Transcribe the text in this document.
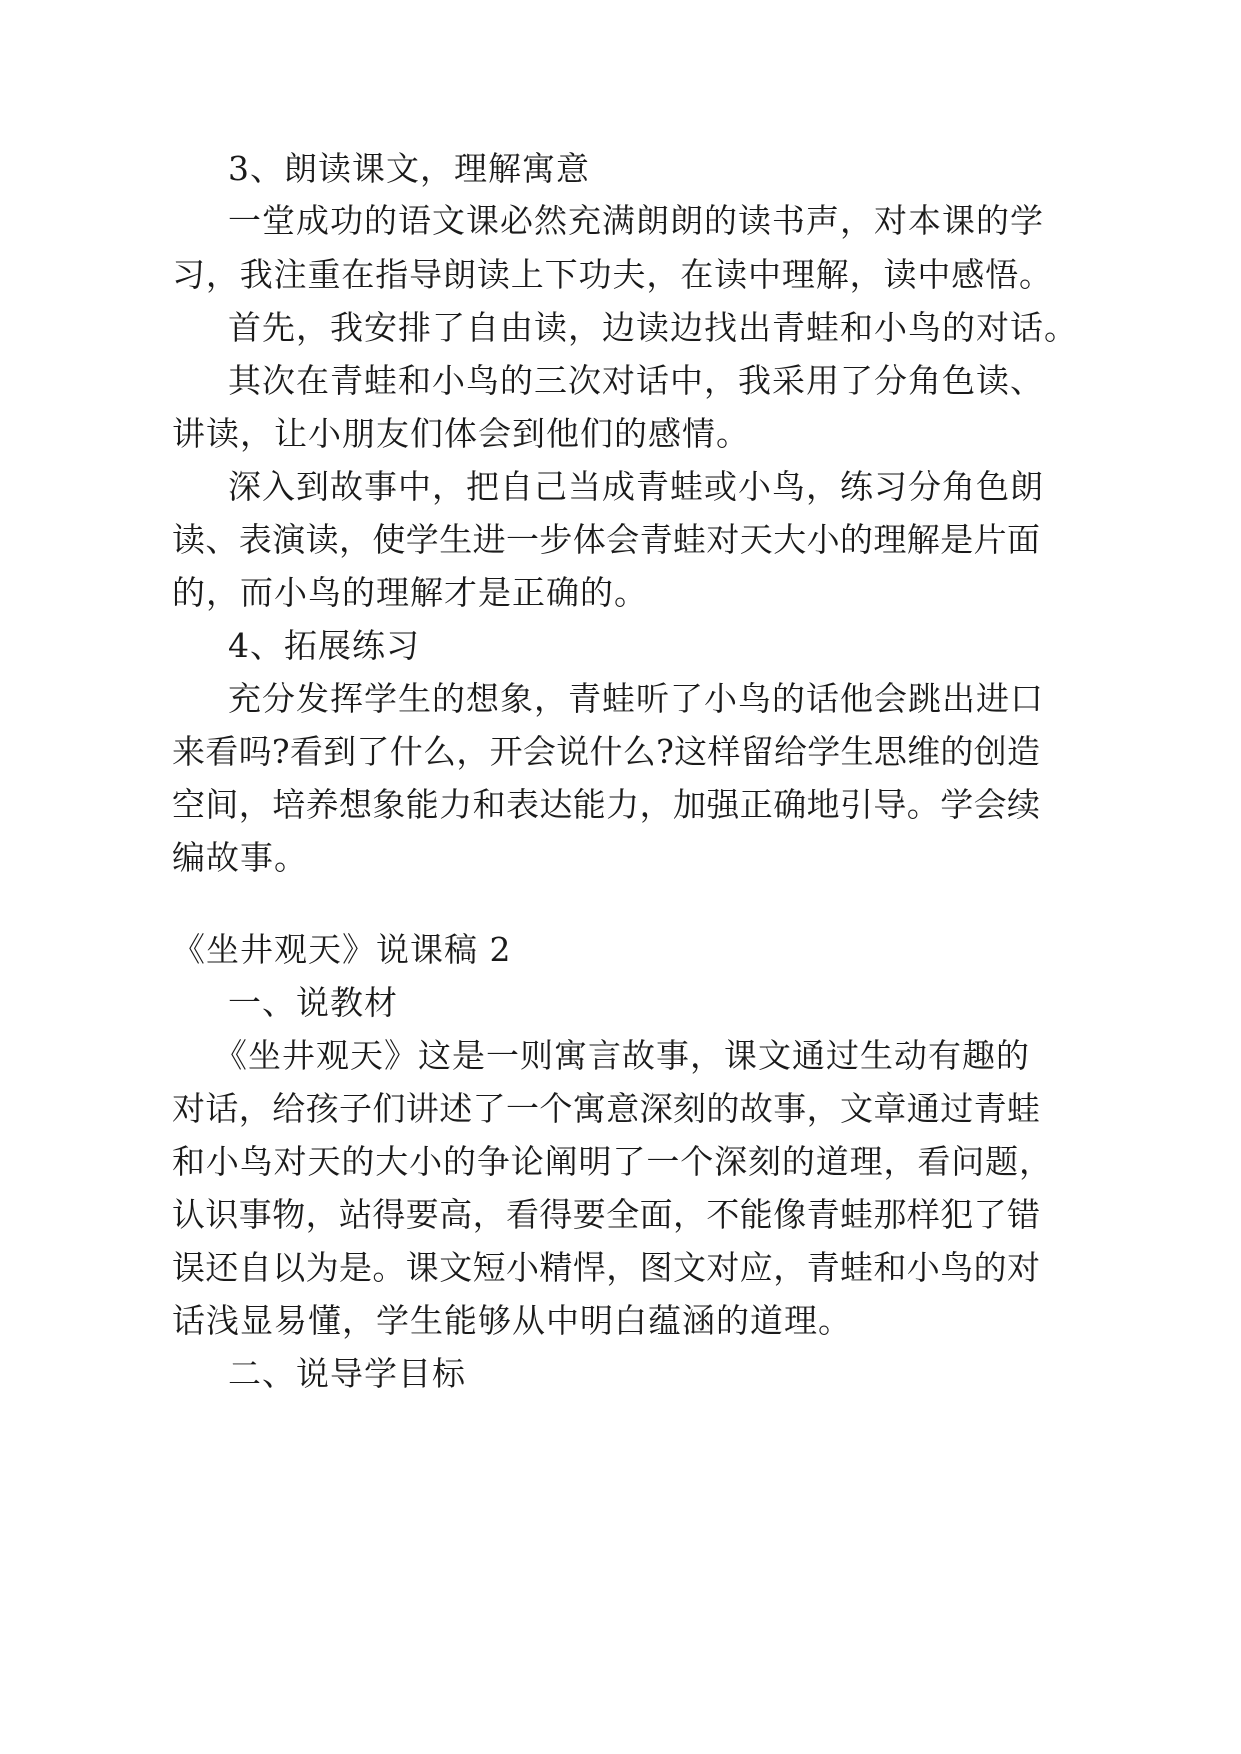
3、朗读课文，理解寓意
一堂成功的语文课必然充满朗朗的读书声，对本课的学
习，我注重在指导朗读上下功夫，在读中理解，读中感悟。
首先，我安排了自由读，边读边找出青蛙和小鸟的对话。
其次在青蛙和小鸟的三次对话中，我采用了分角色读、
讲读，让小朋友们体会到他们的感情。
深入到故事中，把自己当成青蛙或小鸟，练习分角色朗
读、表演读，使学生进一步体会青蛙对天大小的理解是片面
的，而小鸟的理解才是正确的。
4、拓展练习
充分发挥学生的想象，青蛙听了小鸟的话他会跳出进口
来看吗?看到了什么，开会说什么?这样留给学生思维的创造
空间，培养想象能力和表达能力，加强正确地引导。学会续
编故事。
《坐井观天》说课稿 2
一、说教材
《坐井观天》这是一则寓言故事，课文通过生动有趣的
对话，给孩子们讲述了一个寓意深刻的故事，文章通过青蛙
和小鸟对天的大小的争论阐明了一个深刻的道理，看问题，
认识事物，站得要高，看得要全面，不能像青蛙那样犯了错
误还自以为是。课文短小精悍，图文对应，青蛙和小鸟的对
话浅显易懂，学生能够从中明白蕴涵的道理。
二、说导学目标
